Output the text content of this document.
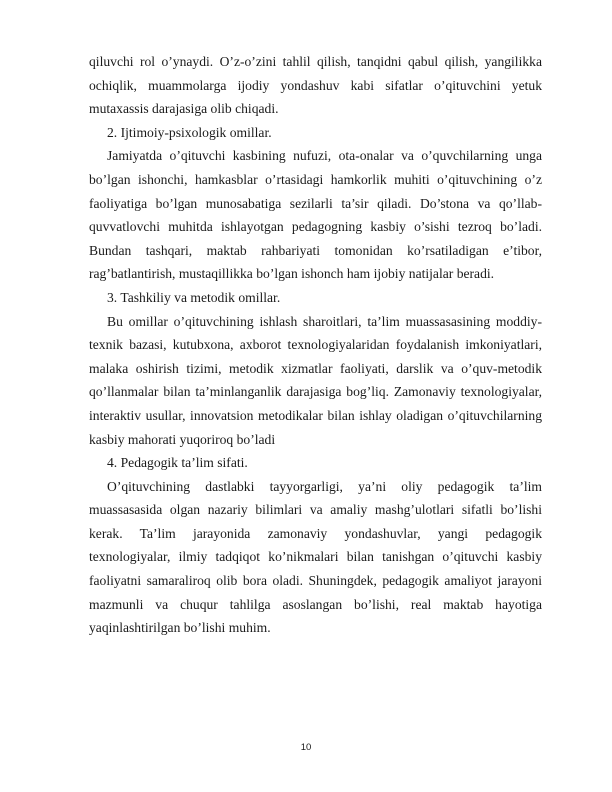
qiluvchi rol o’ynaydi. O’z-o’zini tahlil qilish, tanqidni qabul qilish, yangilikka ochiqlik, muammolarga ijodiy yondashuv kabi sifatlar o’qituvchini yetuk mutaxassis darajasiga olib chiqadi.

2. Ijtimoiy-psixologik omillar.

Jamiyatda o’qituvchi kasbining nufuzi, ota-onalar va o’quvchilarning unga bo’lgan ishonchi, hamkasblar o’rtasidagi hamkorlik muhiti o’qituvchining o’z faoliyatiga bo’lgan munosabatiga sezilarli ta’sir qiladi. Do’stona va qo’llab-quvvatlovchi muhitda ishlayotgan pedagogning kasbiy o’sishi tezroq bo’ladi. Bundan tashqari, maktab rahbariyati tomonidan ko’rsatiladigan e’tibor, rag’batlantirish, mustaqillikka bo’lgan ishonch ham ijobiy natijalar beradi.

3. Tashkiliy va metodik omillar.

Bu omillar o’qituvchining ishlash sharoitlari, ta’lim muassasasining moddiy-texnik bazasi, kutubxona, axborot texnologiyalaridan foydalanish imkoniyatlari, malaka oshirish tizimi, metodik xizmatlar faoliyati, darslik va o’quv-metodik qo’llanmalar bilan ta’minlanganlik darajasiga bog’liq. Zamonaviy texnologiyalar, interaktiv usullar, innovatsion metodikalar bilan ishlay oladigan o’qituvchilarning kasbiy mahorati yuqoriroq bo’ladi

4. Pedagogik ta’lim sifati.

O’qituvchining dastlabki tayyorgarligi, ya’ni oliy pedagogik ta’lim muassasasida olgan nazariy bilimlari va amaliy mashg’ulotlari sifatli bo’lishi kerak. Ta’lim jarayonida zamonaviy yondashuvlar, yangi pedagogik texnologiyalar, ilmiy tadqiqot ko’nikmalari bilan tanishgan o’qituvchi kasbiy faoliyatni samaraliroq olib bora oladi. Shuningdek, pedagogik amaliyot jarayoni mazmunli va chuqur tahlilga asoslangan bo’lishi, real maktab hayotiga yaqinlashtirilgan bo’lishi muhim.

10
